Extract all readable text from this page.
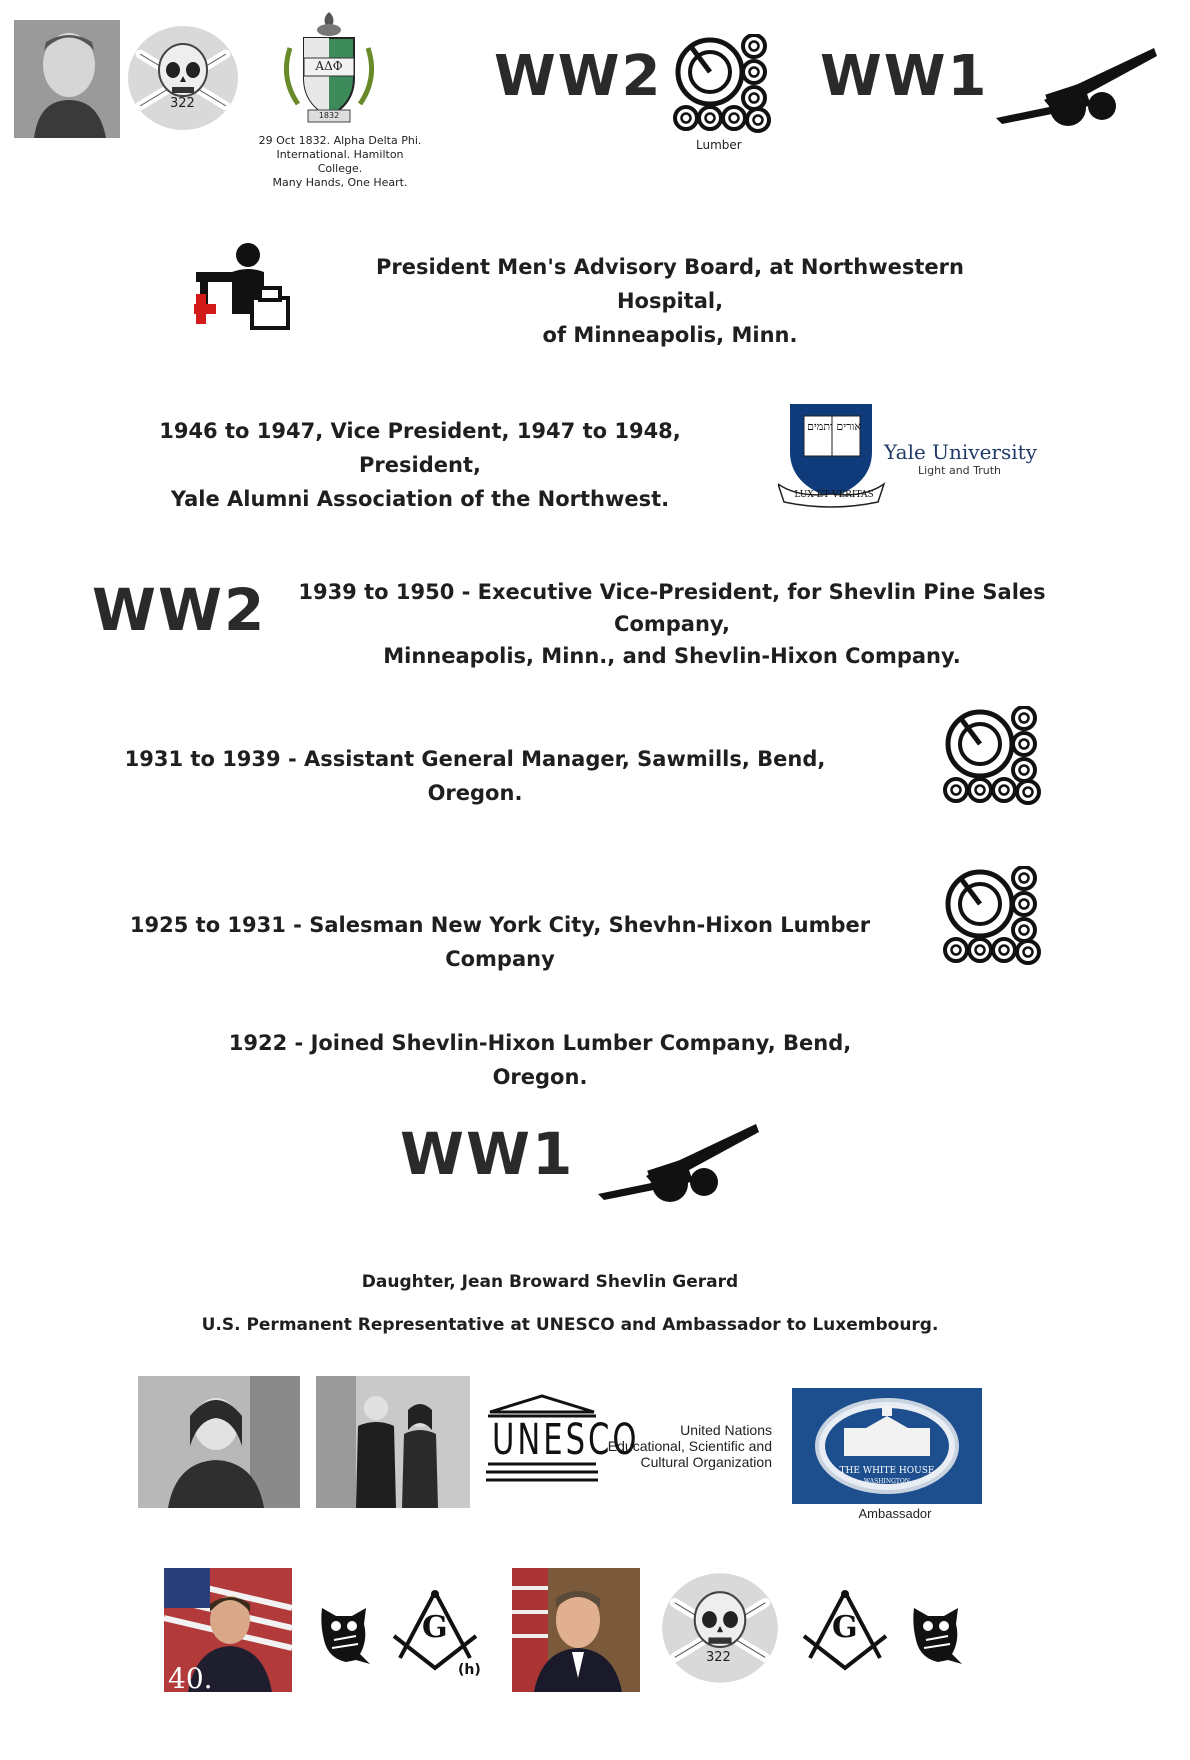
322
ΑΔΦ
1832
29 Oct 1832. Alpha Delta Phi.
International. Hamilton College.
Many Hands, One Heart.
WW2
Lumber
WW1
President Men's Advisory Board, at Northwestern Hospital,
of Minneapolis, Minn.
1946 to 1947, Vice President, 1947 to 1948, President,
Yale Alumni Association of the Northwest.
אורים ותמים
LUX ET VERITAS
Yale University
Light and Truth
WW2	1939 to 1950 - Executive Vice-President, for Shevlin Pine Sales Company,
Minneapolis, Minn., and Shevlin-Hixon Company.
1931 to 1939 - Assistant General Manager, Sawmills, Bend, Oregon.
1925 to 1931 - Salesman New York City, Shevhn-Hixon Lumber Company
1922 - Joined Shevlin-Hixon Lumber Company, Bend, Oregon.
WW1
Daughter, Jean Broward Shevlin Gerard
U.S. Permanent Representative at UNESCO and Ambassador to Luxembourg.
UNESCO	United Nations
Educational, Scientific and
Cultural Organization
THE WHITE HOUSE
WASHINGTON
Ambassador
40.
G
(h)
322
G
